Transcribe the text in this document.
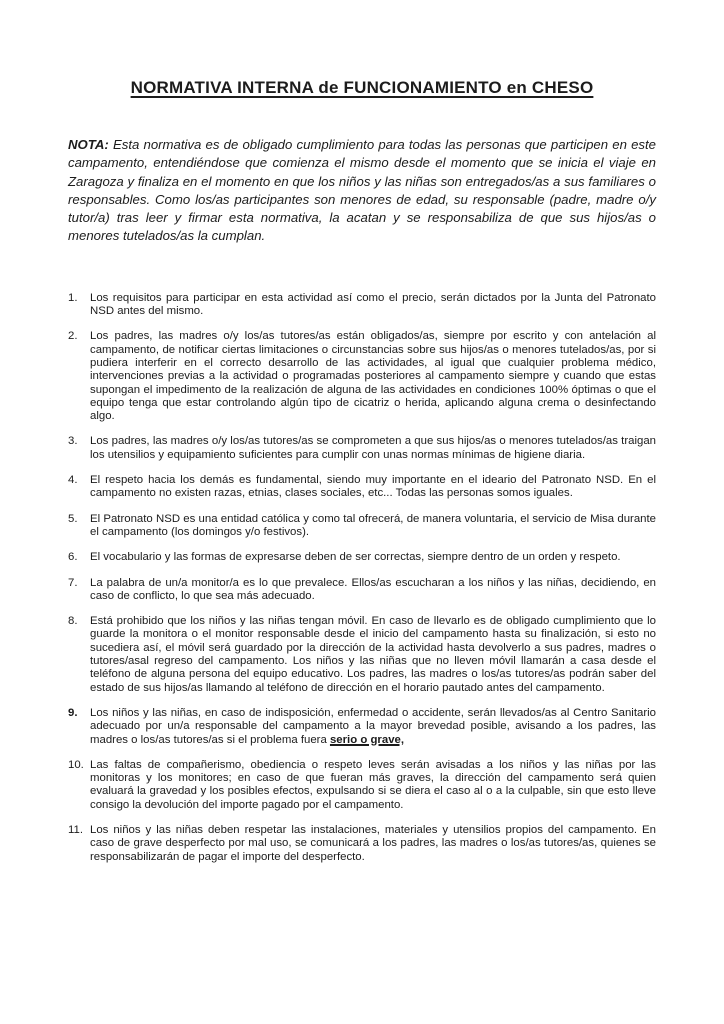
NORMATIVA INTERNA de FUNCIONAMIENTO en CHESO

NOTA: Esta normativa es de obligado cumplimiento para todas las personas que participen en este campamento, entendiéndose que comienza el mismo desde el momento que se inicia el viaje en Zaragoza y finaliza en el momento en que los niños y las niñas son entregados/as a sus familiares o responsables. Como los/as participantes son menores de edad, su responsable (padre, madre o/y tutor/a) tras leer y firmar esta normativa, la acatan y se responsabiliza de que sus hijos/as o menores tutelados/as la cumplan.

1. Los requisitos para participar en esta actividad así como el precio, serán dictados por la Junta del Patronato NSD antes del mismo.
2. Los padres, las madres o/y los/as tutores/as están obligados/as, siempre por escrito y con antelación al campamento, de notificar ciertas limitaciones o circunstancias sobre sus hijos/as o menores tutelados/as, por si pudiera interferir en el correcto desarrollo de las actividades, al igual que cualquier problema médico, intervenciones previas a la actividad o programadas posteriores al campamento siempre y cuando que estas supongan el impedimento de la realización de alguna de las actividades en condiciones 100% óptimas o que el equipo tenga que estar controlando algún tipo de cicatriz o herida, aplicando alguna crema o desinfectando algo.
3. Los padres, las madres o/y los/as tutores/as se comprometen a que sus hijos/as o menores tutelados/as traigan los utensilios y equipamiento suficientes para cumplir con unas normas mínimas de higiene diaria.
4. El respeto hacia los demás es fundamental, siendo muy importante en el ideario del Patronato NSD. En el campamento no existen razas, etnias, clases sociales, etc... Todas las personas somos iguales.
5. El Patronato NSD es una entidad católica y como tal ofrecerá, de manera voluntaria, el servicio de Misa durante el campamento (los domingos y/o festivos).
6. El vocabulario y las formas de expresarse deben de ser correctas, siempre dentro de un orden y respeto.
7. La palabra de un/a monitor/a es lo que prevalece. Ellos/as escucharan a los niños y las niñas, decidiendo, en caso de conflicto, lo que sea más adecuado.
8. Está prohibido que los niños y las niñas tengan móvil. En caso de llevarlo es de obligado cumplimiento que lo guarde la monitora o el monitor responsable desde el inicio del campamento hasta su finalización, si esto no sucediera así, el móvil será guardado por la dirección de la actividad hasta devolverlo a sus padres, madres o tutores/asal regreso del campamento. Los niños y las niñas que no lleven móvil llamarán a casa desde el teléfono de alguna persona del equipo educativo. Los padres, las madres o los/as tutores/as podrán saber del estado de sus hijos/as llamando al teléfono de dirección en el horario pautado antes del campamento.
9. Los niños y las niñas, en caso de indisposición, enfermedad o accidente, serán llevados/as al Centro Sanitario adecuado por un/a responsable del campamento a la mayor brevedad posible, avisando a los padres, las madres o los/as tutores/as si el problema fuera serio o grave,
10. Las faltas de compañerismo, obediencia o respeto leves serán avisadas a los niños y las niñas por las monitoras y los monitores; en caso de que fueran más graves, la dirección del campamento será quien evaluará la gravedad y los posibles efectos, expulsando si se diera el caso al o a la culpable, sin que esto lleve consigo la devolución del importe pagado por el campamento.
11. Los niños y las niñas deben respetar las instalaciones, materiales y utensilios propios del campamento. En caso de grave desperfecto por mal uso, se comunicará a los padres, las madres o los/as tutores/as, quienes se responsabilizarán de pagar el importe del desperfecto.
